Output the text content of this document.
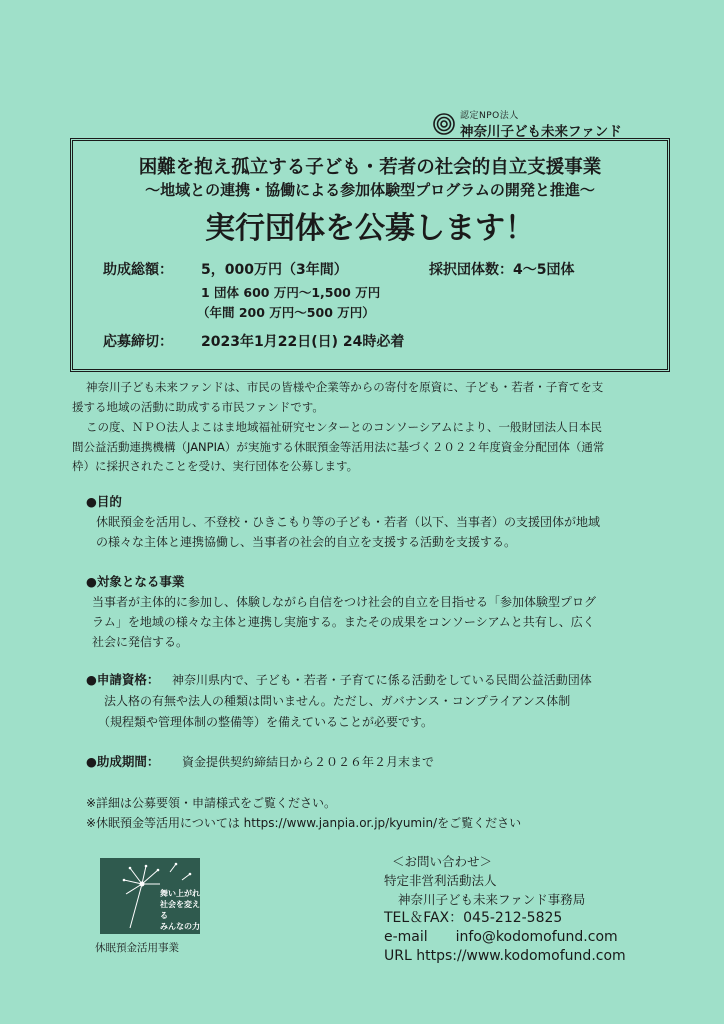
認定NPO法人
神奈川子ども未来ファンド
困難を抱え孤立する子ども・若者の社会的自立支援事業
～地域との連携・協働による参加体験型プログラムの開発と推進～
実行団体を公募します！
助成総額： 5，000万円（3年間）	採択団体数：4～5団体
1 団体 600 万円～1,500 万円
（年間 200 万円～500 万円）
応募締切： 2023年1月22日(日) 24時必着
神奈川子ども未来ファンドは、市民の皆様や企業等からの寄付を原資に、子ども・若者・子育てを支
援する地域の活動に助成する市民ファンドです。
この度、ＮＰＯ法人よこはま地域福祉研究センターとのコンソーシアムにより、一般財団法人日本民
間公益活動連携機構（JANPIA）が実施する休眠預金等活用法に基づく２０２２年度資金分配団体（通常
枠）に採択されたことを受け、実行団体を公募します。
●目的
休眠預金を活用し、不登校・ひきこもり等の子ども・若者（以下、当事者）の支援団体が地域
の様々な主体と連携協働し、当事者の社会的自立を支援する活動を支援する。
●対象となる事業
当事者が主体的に参加し、体験しながら自信をつけ社会的自立を目指せる「参加体験型プログ
ラム」を地域の様々な主体と連携し実施する。またその成果をコンソーシアムと共有し、広く
社会に発信する。
●申請資格： 神奈川県内で、子ども・若者・子育てに係る活動をしている民間公益活動団体
法人格の有無や法人の種類は問いません。ただし、ガバナンス・コンプライアンス体制
（規程類や管理体制の整備等）を備えていることが必要です。
●助成期間： 資金提供契約締結日から２０２６年２月末まで
※詳細は公募要領・申請様式をご覧ください。
※休眠預金等活用については https://www.janpia.or.jp/kyumin/をご覧ください
舞い上がれ
社会を変える
みんなの力
休眠預金活用事業
＜お問い合わせ＞
特定非営利活動法人
神奈川子ども未来ファンド事務局
TEL＆FAX：045-212-5825
e-mail　　info@kodomofund.com
URL https://www.kodomofund.com
